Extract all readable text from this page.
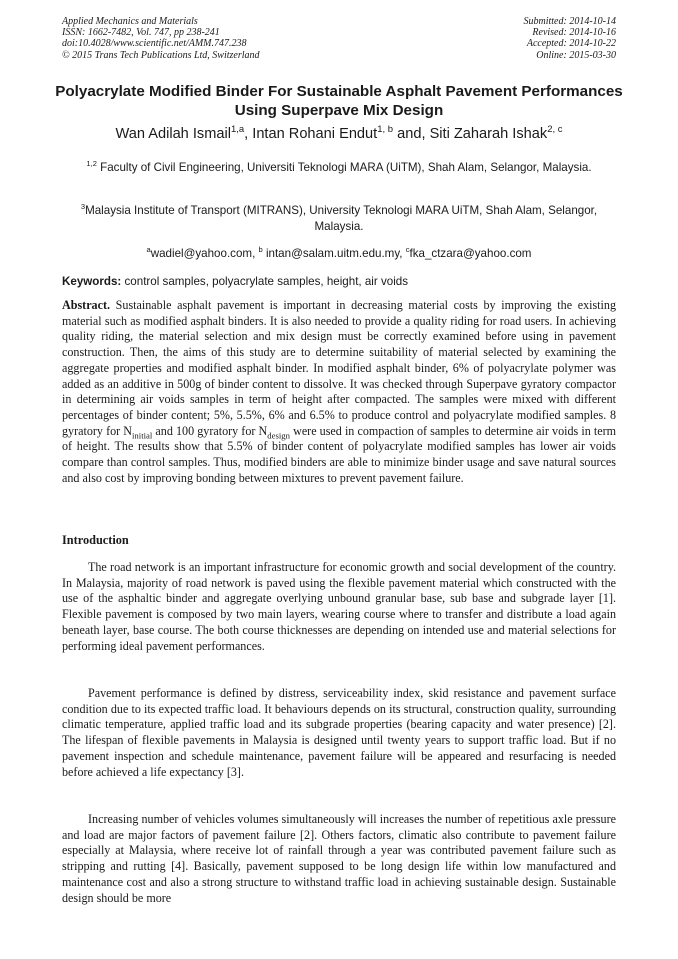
Applied Mechanics and Materials
ISSN: 1662-7482, Vol. 747, pp 238-241
doi:10.4028/www.scientific.net/AMM.747.238
© 2015 Trans Tech Publications Ltd, Switzerland
Submitted: 2014-10-14
Revised: 2014-10-16
Accepted: 2014-10-22
Online: 2015-03-30
Polyacrylate Modified Binder For Sustainable Asphalt Pavement Performances Using Superpave Mix Design
Wan Adilah Ismail$^{1,a}$, Intan Rohani Endut$^{1, b}$ and, Siti Zaharah Ishak$^{2, c}$
$^{1,2}$ Faculty of Civil Engineering, Universiti Teknologi MARA (UiTM), Shah Alam, Selangor, Malaysia.
$^3$Malaysia Institute of Transport (MITRANS), University Teknologi MARA UiTM, Shah Alam, Selangor, Malaysia.
$^a$wadiel@yahoo.com, $^b$ intan@salam.uitm.edu.my, $^c$fka_ctzara@yahoo.com
Keywords: control samples, polyacrylate samples, height, air voids

Abstract. Sustainable asphalt pavement is important in decreasing material costs by improving the existing material such as modified asphalt binders. It is also needed to provide a quality riding for road users. In achieving quality riding, the material selection and mix design must be correctly examined before using in pavement construction. Then, the aims of this study are to determine suitability of material selected by examining the aggregate properties and modified asphalt binder. In modified asphalt binder, 6% of polyacrylate polymer was added as an additive in 500g of binder content to dissolve. It was checked through Superpave gyratory compactor in determining air voids samples in term of height after compacted. The samples were mixed with different percentages of binder content; 5%, 5.5%, 6% and 6.5% to produce control and polyacrylate modified samples. 8 gyratory for $N_{initial}$ and 100 gyratory for $N_{design}$ were used in compaction of samples to determine air voids in term of height. The results show that 5.5% of binder content of polyacrylate modified samples has lower air voids compare than control samples. Thus, modified binders are able to minimize binder usage and save natural sources and also cost by improving bonding between mixtures to prevent pavement failure.

Introduction

The road network is an important infrastructure for economic growth and social development of the country. In Malaysia, majority of road network is paved using the flexible pavement material which constructed with the use of the asphaltic binder and aggregate overlying unbound granular base, sub base and subgrade layer [1]. Flexible pavement is composed by two main layers, wearing course where to transfer and distribute a load again beneath layer, base course. The both course thicknesses are depending on intended use and material selections for performing ideal pavement performances.

Pavement performance is defined by distress, serviceability index, skid resistance and pavement surface condition due to its expected traffic load. It behaviours depends on its structural, construction quality, surrounding climatic temperature, applied traffic load and its subgrade properties (bearing capacity and water presence) [2]. The lifespan of flexible pavements in Malaysia is designed until twenty years to support traffic load. But if no pavement inspection and schedule maintenance, pavement failure will be appeared and resurfacing is needed before achieved a life expectancy [3].

Increasing number of vehicles volumes simultaneously will increases the number of repetitious axle pressure and load are major factors of pavement failure [2]. Others factors, climatic also contribute to pavement failure especially at Malaysia, where receive lot of rainfall through a year was contributed pavement failure such as stripping and rutting [4]. Basically, pavement supposed to be long design life within low manufactured and maintenance cost and also a strong structure to withstand traffic load in achieving sustainable design. Sustainable design should be more
